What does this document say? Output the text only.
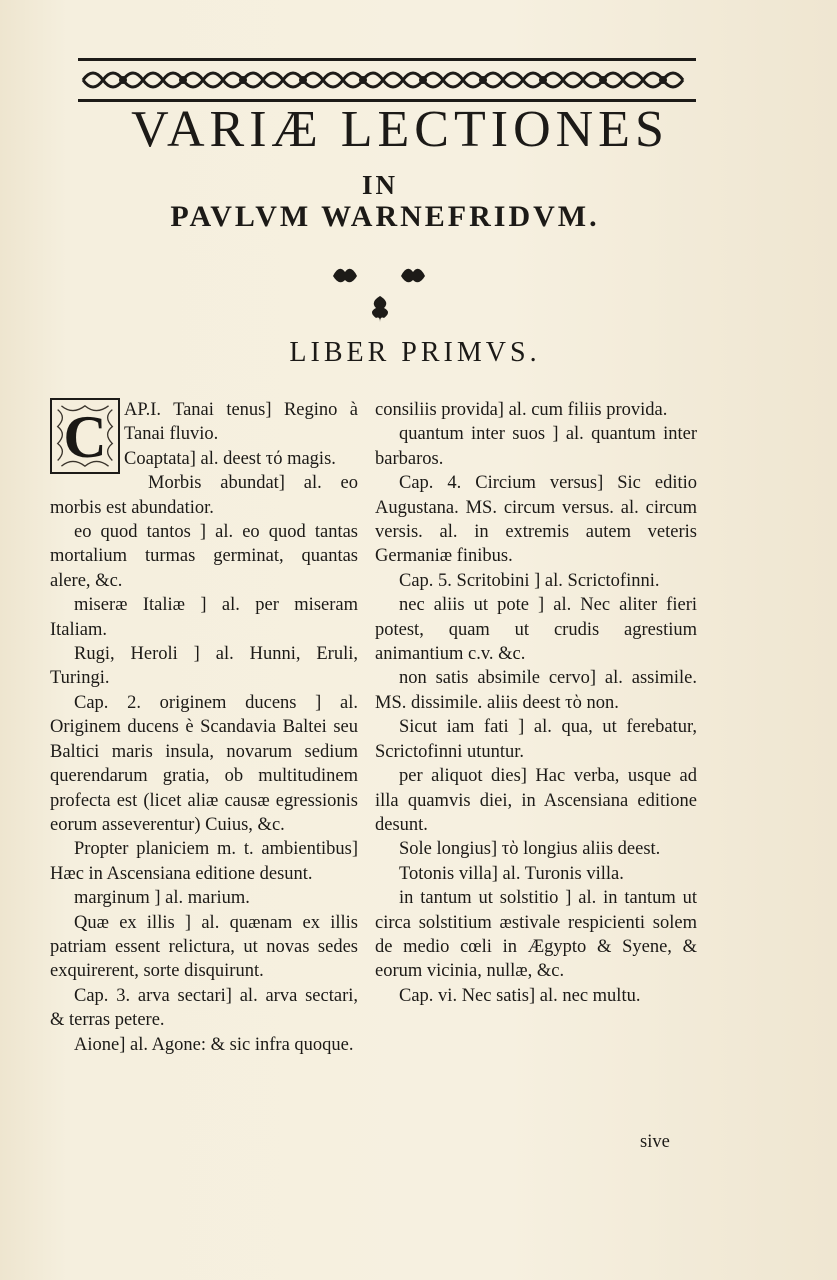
VARIÆ LECTIONES
IN
PAVLVM WARNEFRIDVM.
LIBER PRIMVS.
C AP.I. Tanai tenus] Regino à Tanai fluvio.

Coaptata] al. deest τό magis.

Morbis abundat] al. eo morbis est abundatior.

eo quod tantos ] al. eo quod tantas mortalium turmas germinat, quantas alere, &c.

miseræ Italiæ ] al. per miseram Italiam.

Rugi, Heroli ] al. Hunni, Eruli, Turingi.

Cap. 2. originem ducens ] al. Originem ducens è Scandavia Baltei seu Baltici maris insula, novarum sedium querendarum gratia, ob multitudinem profecta est (licet aliæ causæ egressionis eorum asseverentur) Cuius, &c.

Propter planiciem m. t. ambientibus] Hæc in Ascensiana editione desunt.

marginum ] al. marium.

Quæ ex illis ] al. quænam ex illis patriam essent relictura, ut novas sedes exquirerent, sorte disquirunt.

Cap. 3. arva sectari] al. arva sectari, & terras petere.

Aione] al. Agone: & sic infra quoque.

consiliis provida] al. cum filiis provida.

quantum inter suos ] al. quantum inter barbaros.

Cap. 4. Circium versus] Sic editio Augustana. MS. circum versus. al. circum versis. al. in extremis autem veteris Germaniæ finibus.

Cap. 5. Scritobini ] al. Scrictofinni.

nec aliis ut pote ] al. Nec aliter fieri potest, quam ut crudis agrestium animantium c.v. &c.

non satis absimile cervo] al. assimile. MS. dissimile. aliis deest τὸ non.

Sicut iam fati ] al. qua, ut ferebatur, Scrictofinni utuntur.

per aliquot dies] Hac verba, usque ad illa quamvis diei, in Ascensiana editione desunt.

Sole longius] τὸ longius aliis deest.

Totonis villa] al. Turonis villa.

in tantum ut solstitio ] al. in tantum ut circa solstitium æstivale respicienti solem de medio cœli in Ægypto & Syene, & eorum vicinia, nullæ, &c.

Cap. vi. Nec satis] al. nec multu.

sive
